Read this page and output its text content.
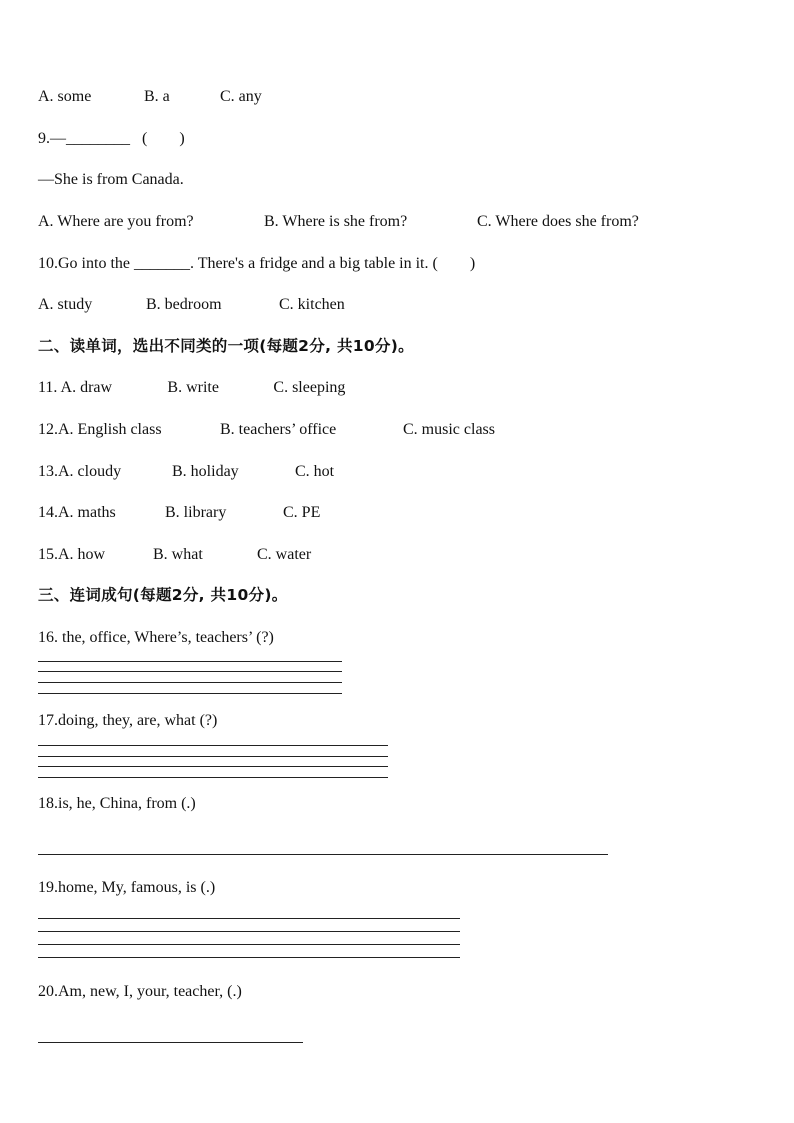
A. some	B. a	C. any
9.—________ (　　)
—She is from Canada.
A. Where are you from?	B. Where is she from?	C. Where does she from?
10.Go into the _______. There's a fridge and a big table in it. (　　)
A. study	B. bedroom	C. kitchen
二、读单词，选出不同类的一项(每题2分, 共10分)。
11. A. draw	B. write	C. sleeping
12.A. English class	B. teachers’ office	C. music class
13.A. cloudy	B. holiday	C. hot
14.A. maths	B. library	C. PE
15.A. how	B. what	C. water
三、连词成句(每题2分, 共10分)。
16. the, office, Where’s, teachers’ (?)
17.doing, they, are, what (?)
18.is, he, China, from (.)
19.home, My, famous, is (.)
20.Am, new, I, your, teacher, (.)
